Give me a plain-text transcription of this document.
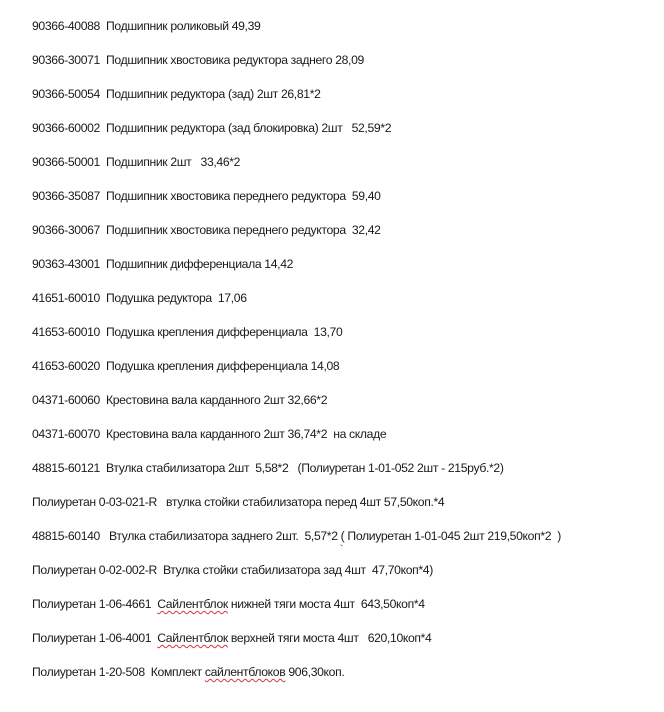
90366-40088 Подшипник роликовый 49,39
90366-30071 Подшипник хвостовика редуктора заднего 28,09
90366-50054 Подшипник редуктора (зад) 2шт 26,81*2
90366-60002 Подшипник редуктора (зад блокировка) 2шт   52,59*2
90366-50001 Подшипник 2шт   33,46*2
90366-35087 Подшипник хвостовика переднего редуктора  59,40
90366-30067 Подшипник хвостовика переднего редуктора  32,42
90363-43001 Подшипник дифференциала 14,42
41651-60010 Подушка редуктора  17,06
41653-60010 Подушка крепления дифференциала  13,70
41653-60020 Подушка крепления дифференциала 14,08
04371-60060 Крестовина вала карданного 2шт 32,66*2
04371-60070 Крестовина вала карданного 2шт 36,74*2  на складе
48815-60121 Втулка стабилизатора 2шт  5,58*2   (Полиуретан 1-01-052 2шт - 215руб.*2)
Полиуретан 0-03-021-R втулка стойки стабилизатора перед 4шт 57,50коп.*4
48815-60140 Втулка стабилизатора заднего 2шт.  5,57*2 ( Полиуретан 1-01-045 2шт 219,50коп*2  )
Полиуретан 0-02-002-R Втулка стойки стабилизатора зад 4шт  47,70коп*4)
Полиуретан 1-06-4661 Сайлентблок нижней тяги моста 4шт  643,50коп*4
Полиуретан 1-06-4001 Сайлентблок верхней тяги моста 4шт   620,10коп*4
Полиуретан 1-20-508 Комплект сайлентблоков 906,30коп.
